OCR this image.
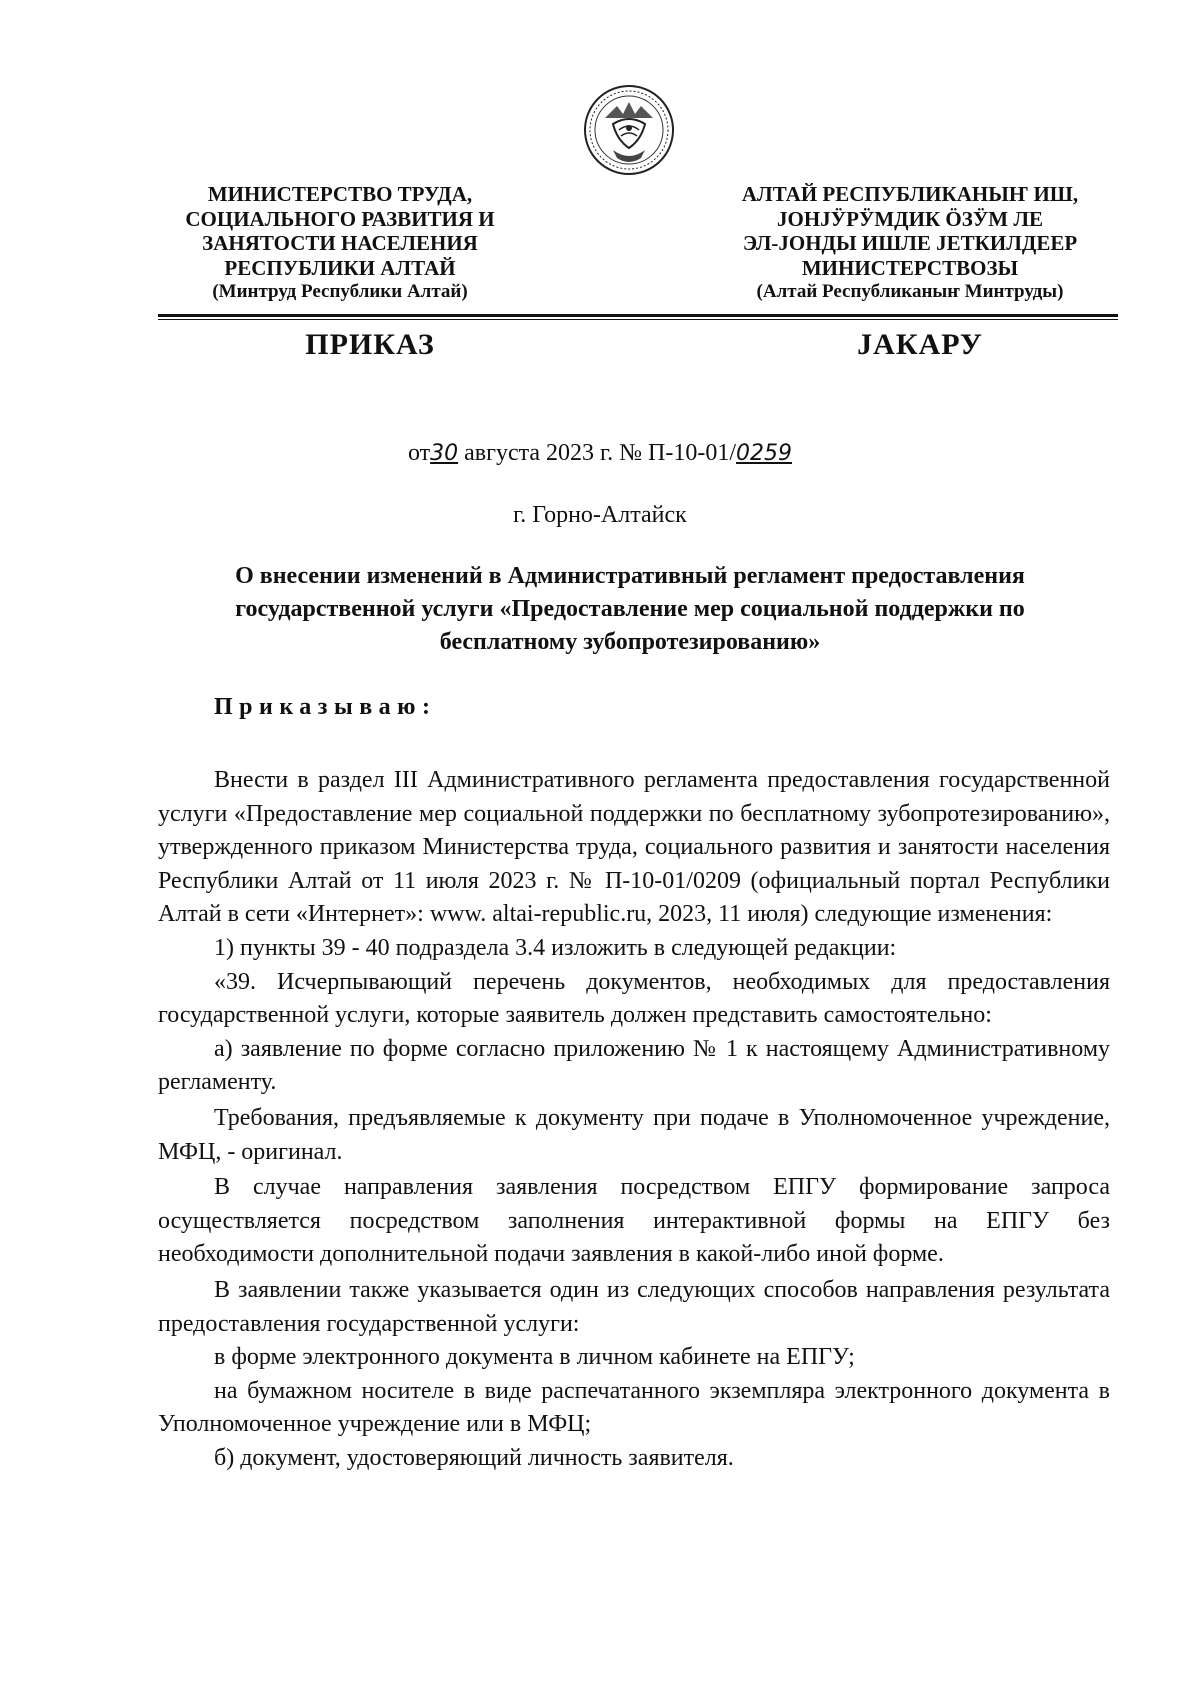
МИНИСТЕРСТВО ТРУДА,
СОЦИАЛЬНОГО РАЗВИТИЯ И
ЗАНЯТОСТИ НАСЕЛЕНИЯ
РЕСПУБЛИКИ АЛТАЙ
(Минтруд Республики Алтай)
АЛТАЙ РЕСПУБЛИКАНЫҤ ИШ,
ЈОНЈӰРӰМДИК ÖЗӰМ ЛЕ
ЭЛ-ЈОНДЫ ИШЛЕ ЈЕТКИЛДЕЕР
МИНИСТЕРСТВОЗЫ
(Алтай Республиканыҥ Минтруды)
ПРИКАЗ	ЈАКАРУ
от30 августа 2023 г. № П-10-01/0259
г. Горно-Алтайск
О внесении изменений в Административный регламент предоставления
государственной услуги «Предоставление мер социальной поддержки по
бесплатному зубопротезированию»
Приказываю:

Внести в раздел III Административного регламента предоставления государственной услуги «Предоставление мер социальной поддержки по бесплатному зубопротезированию», утвержденного приказом Министерства труда, социального развития и занятости населения Республики Алтай от 11 июля 2023 г. № П-10-01/0209 (официальный портал Республики Алтай в сети «Интернет»: www. altai-republic.ru, 2023, 11 июля) следующие изменения:

1) пункты 39 - 40 подраздела 3.4 изложить в следующей редакции:

«39. Исчерпывающий перечень документов, необходимых для предоставления государственной услуги, которые заявитель должен представить самостоятельно:

а) заявление по форме согласно приложению № 1 к настоящему Административному регламенту.

Требования, предъявляемые к документу при подаче в Уполномоченное учреждение, МФЦ, - оригинал.

В случае направления заявления посредством ЕПГУ формирование запроса осуществляется посредством заполнения интерактивной формы на ЕПГУ без необходимости дополнительной подачи заявления в какой-либо иной форме.

В заявлении также указывается один из следующих способов направления результата предоставления государственной услуги:

в форме электронного документа в личном кабинете на ЕПГУ;

на бумажном носителе в виде распечатанного экземпляра электронного документа в Уполномоченное учреждение или в МФЦ;

б) документ, удостоверяющий личность заявителя.
